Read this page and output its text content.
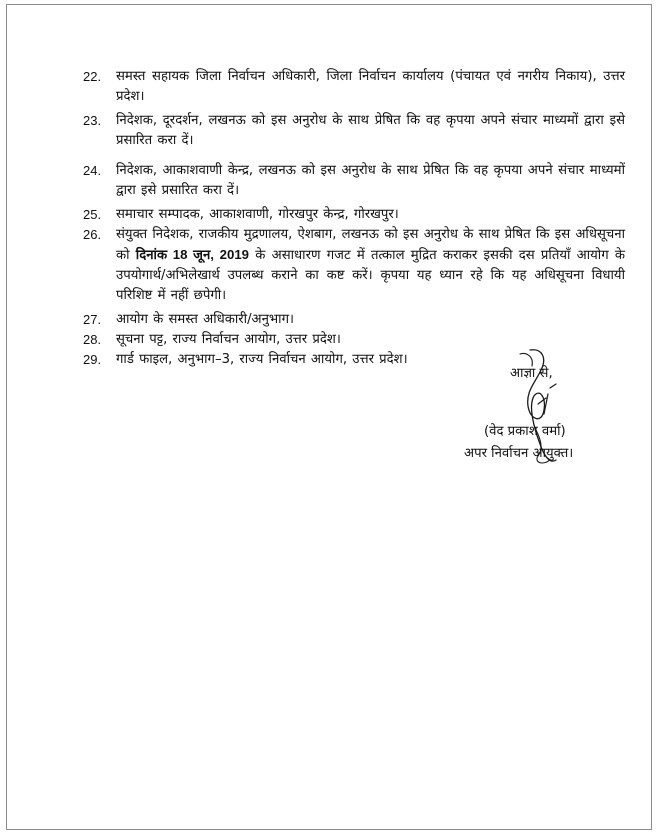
22.	समस्त सहायक जिला निर्वाचन अधिकारी, जिला निर्वाचन कार्यालय (पंचायत एवं नगरीय निकाय), उत्तर प्रदेश।
23.	निदेशक, दूरदर्शन, लखनऊ को इस अनुरोध के साथ प्रेषित कि वह कृपया अपने संचार माध्यमों द्वारा इसे प्रसारित करा दें।
24.	निदेशक, आकाशवाणी केन्द्र, लखनऊ को इस अनुरोध के साथ प्रेषित कि वह कृपया अपने संचार माध्यमों द्वारा इसे प्रसारित करा दें।
25.	समाचार सम्पादक, आकाशवाणी, गोरखपुर केन्द्र, गोरखपुर।
26.	संयुक्त निदेशक, राजकीय मुद्रणालय, ऐशबाग, लखनऊ को इस अनुरोध के साथ प्रेषित कि इस अधिसूचना को दिनांक 18 जून, 2019 के असाधारण गजट में तत्काल मुद्रित कराकर इसकी दस प्रतियाँ आयोग के उपयोगार्थ/अभिलेखार्थ उपलब्ध कराने का कष्ट करें। कृपया यह ध्यान रहे कि यह अधिसूचना विधायी परिशिष्ट में नहीं छपेगी।
27.	आयोग के समस्त अधिकारी/अनुभाग।
28.	सूचना पट्ट, राज्य निर्वाचन आयोग, उत्तर प्रदेश।
29.	गार्ड फाइल, अनुभाग–3, राज्य निर्वाचन आयोग, उत्तर प्रदेश।
आज्ञा से,
(वेद प्रकाश वर्मा)
अपर निर्वाचन आयुक्त।
